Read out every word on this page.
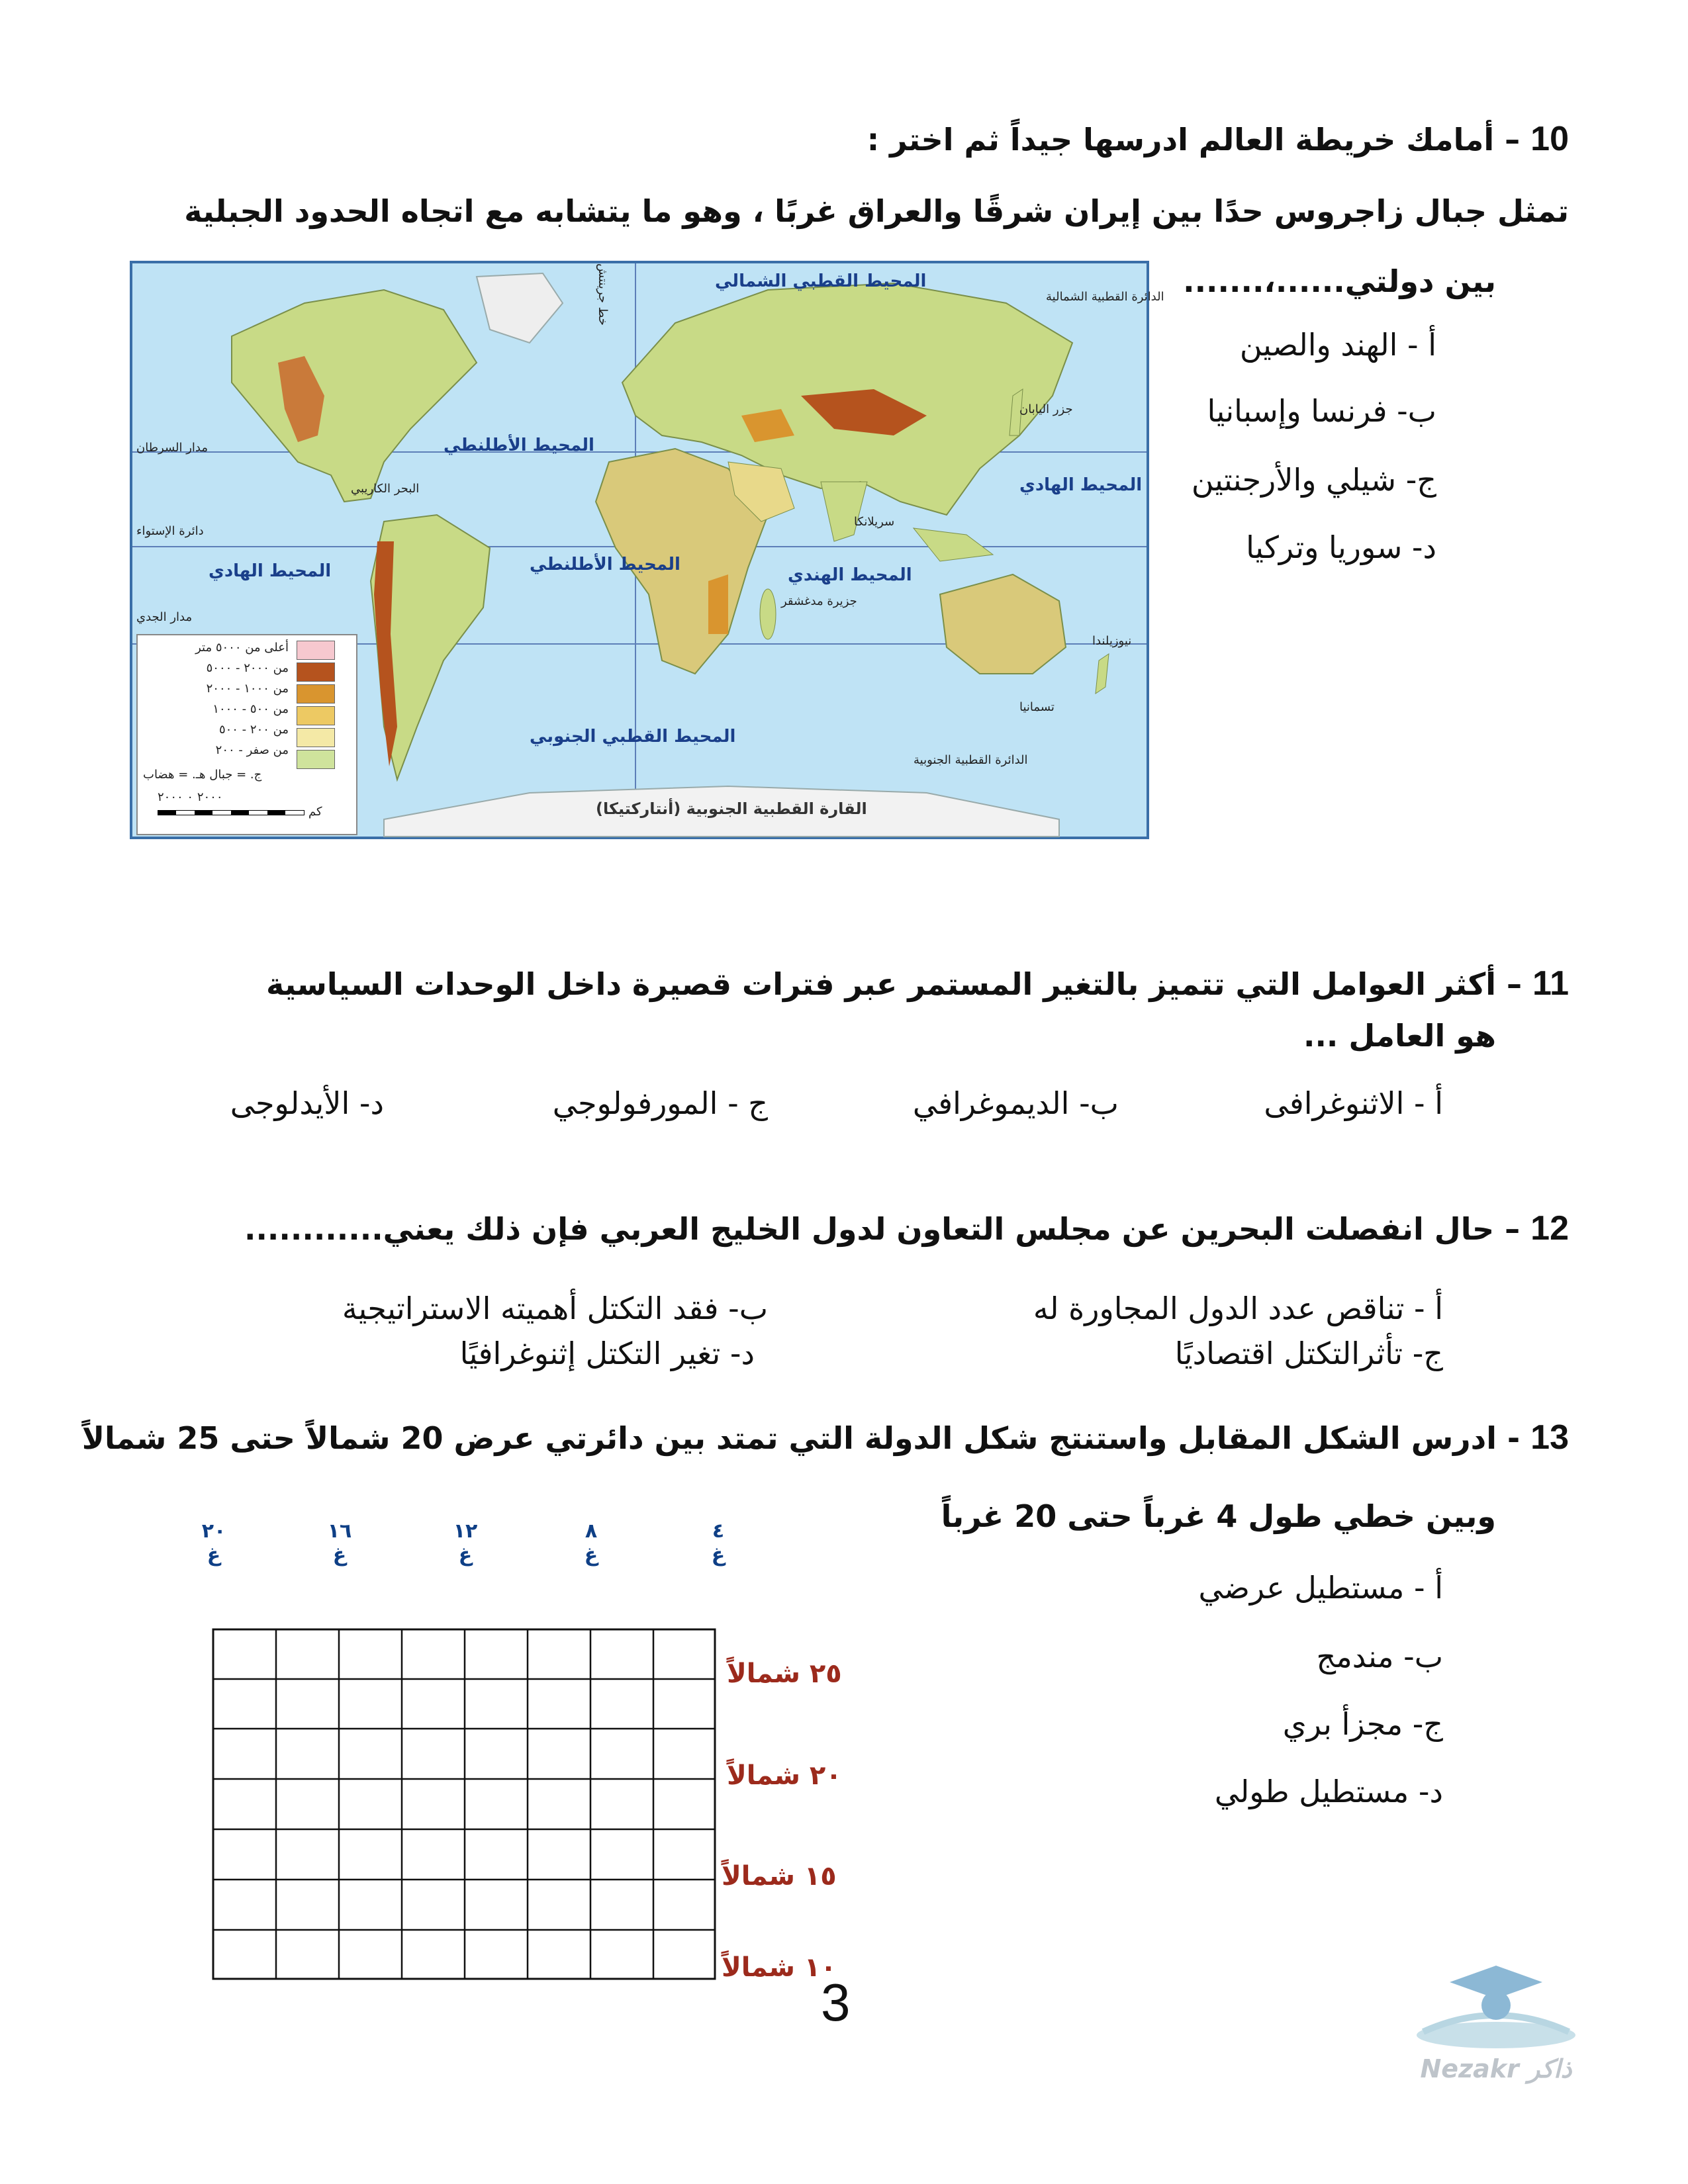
10 – أمامك خريطة العالم ادرسها جيداً ثم اختر :
تمثل جبال زاجروس حدًا بين إيران شرقًا والعراق غربًا ، وهو ما يتشابه مع اتجاه الحدود الجبلية
بين دولتي......،.......
أ - الهند والصين
ب- فرنسا وإسبانيا
ج- شيلي والأرجنتين
د- سوريا وتركيا
المحيط القطبي الشمالي
المحيط الأطلنطي
المحيط الأطلنطي
المحيط الهادي
المحيط الهادي
المحيط الهندي
المحيط القطبي الجنوبي
القارة القطبية الجنوبية (أنتاركتيكا)
مدار السرطان
دائرة الإستواء
مدار الجدي
الدائرة القطبية الشمالية
الدائرة القطبية الجنوبية
خط جرينتش
البحر الكاريبي
جزر اليابان
جزيرة مدغشقر
سريلانكا
تسمانيا
نيوزيلندا
أعلى من ٥٠٠٠ متر
من ٢٠٠٠ - ٥٠٠٠
من ١٠٠٠ - ٢٠٠٠
من ٥٠٠ - ١٠٠٠
من ٢٠٠ - ٥٠٠
من صفر - ٢٠٠
ج. = جبال هـ. = هضاب
٢٠٠٠ ٠ ٢٠٠٠
كم
11 – أكثر العوامل التي تتميز بالتغير المستمر عبر فترات قصيرة داخل الوحدات السياسية
هو العامل ...
أ - الاثنوغرافى
ب- الديموغرافي
ج - المورفولوجي
د- الأيدلوجى
12 – حال انفصلت البحرين عن مجلس التعاون لدول الخليج العربي فإن ذلك يعني............
أ - تناقص عدد الدول المجاورة له
ب- فقد التكتل أهميته الاستراتيجية
ج- تأثرالتكتل اقتصاديًا
د- تغير التكتل إثنوغرافيًا
13 - ادرس الشكل المقابل واستنتج شكل الدولة التي تمتد بين دائرتي عرض 20 شمالاً حتى 25 شمالاً
وبين خطي طول 4 غرباً حتى 20 غرباً
أ - مستطيل عرضي
ب- مندمج
ج- مجزأ بري
د- مستطيل طولي
٢٠
غ
١٦
غ
١٢
غ
٨
غ
٤
غ
٢٥ شمالاً
٢٠ شمالاً
١٥ شمالاً
١٠ شمالاً
3
Nezakr ذاكر
